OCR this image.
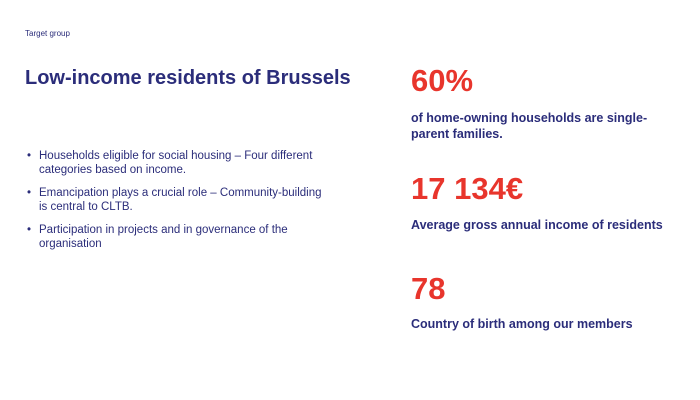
Target group
Low-income residents of Brussels
• Households eligible for social housing – Four different categories based on income.
• Emancipation plays a crucial role – Community-building is central to CLTB.
• Participation in projects and in governance of the organisation
60%
of home-owning households are single-parent families.
17 134€
Average gross annual income of residents
78
Country of birth among our members
